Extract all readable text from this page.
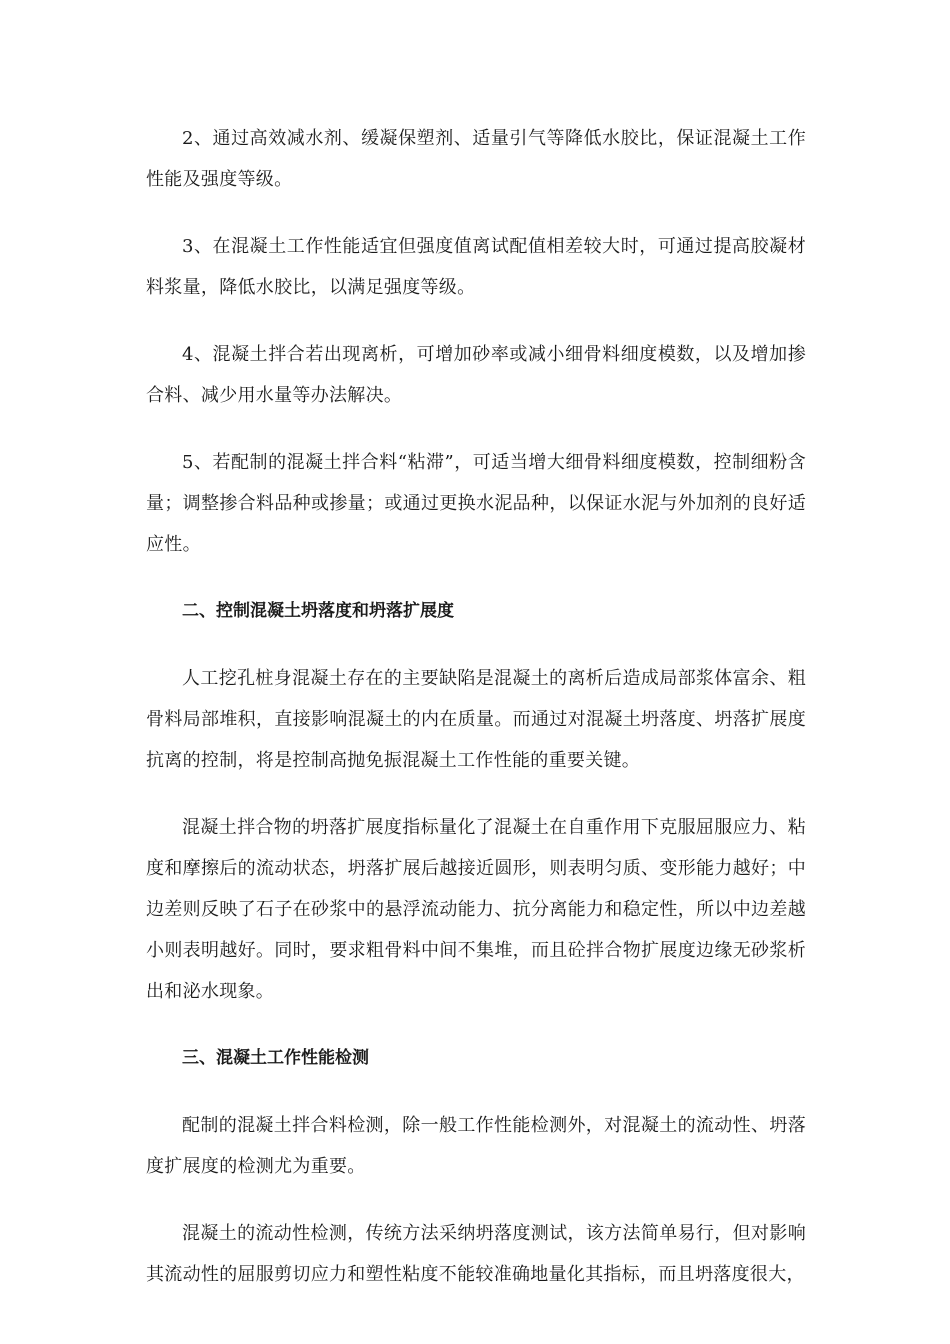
2、通过高效减水剂、缓凝保塑剂、适量引气等降低水胶比，保证混凝土工作性能及强度等级。

3、在混凝土工作性能适宜但强度值离试配值相差较大时，可通过提高胶凝材料浆量，降低水胶比，以满足强度等级。

4、混凝土拌合若出现离析，可增加砂率或减小细骨料细度模数，以及增加掺合料、减少用水量等办法解决。

5、若配制的混凝土拌合料“粘滞”，可适当增大细骨料细度模数，控制细粉含量；调整掺合料品种或掺量；或通过更换水泥品种，以保证水泥与外加剂的良好适应性。

二、控制混凝土坍落度和坍落扩展度

人工挖孔桩身混凝土存在的主要缺陷是混凝土的离析后造成局部浆体富余、粗骨料局部堆积，直接影响混凝土的内在质量。而通过对混凝土坍落度、坍落扩展度抗离的控制，将是控制高抛免振混凝土工作性能的重要关键。

混凝土拌合物的坍落扩展度指标量化了混凝土在自重作用下克服屈服应力、粘度和摩擦后的流动状态，坍落扩展后越接近圆形，则表明匀质、变形能力越好；中边差则反映了石子在砂浆中的悬浮流动能力、抗分离能力和稳定性，所以中边差越小则表明越好。同时，要求粗骨料中间不集堆，而且砼拌合物扩展度边缘无砂浆析出和泌水现象。

三、混凝土工作性能检测

配制的混凝土拌合料检测，除一般工作性能检测外，对混凝土的流动性、坍落度扩展度的检测尤为重要。

混凝土的流动性检测，传统方法采纳坍落度测试，该方法简单易行，但对影响其流动性的屈服剪切应力和塑性粘度不能较准确地量化其指标，而且坍落度很大，
